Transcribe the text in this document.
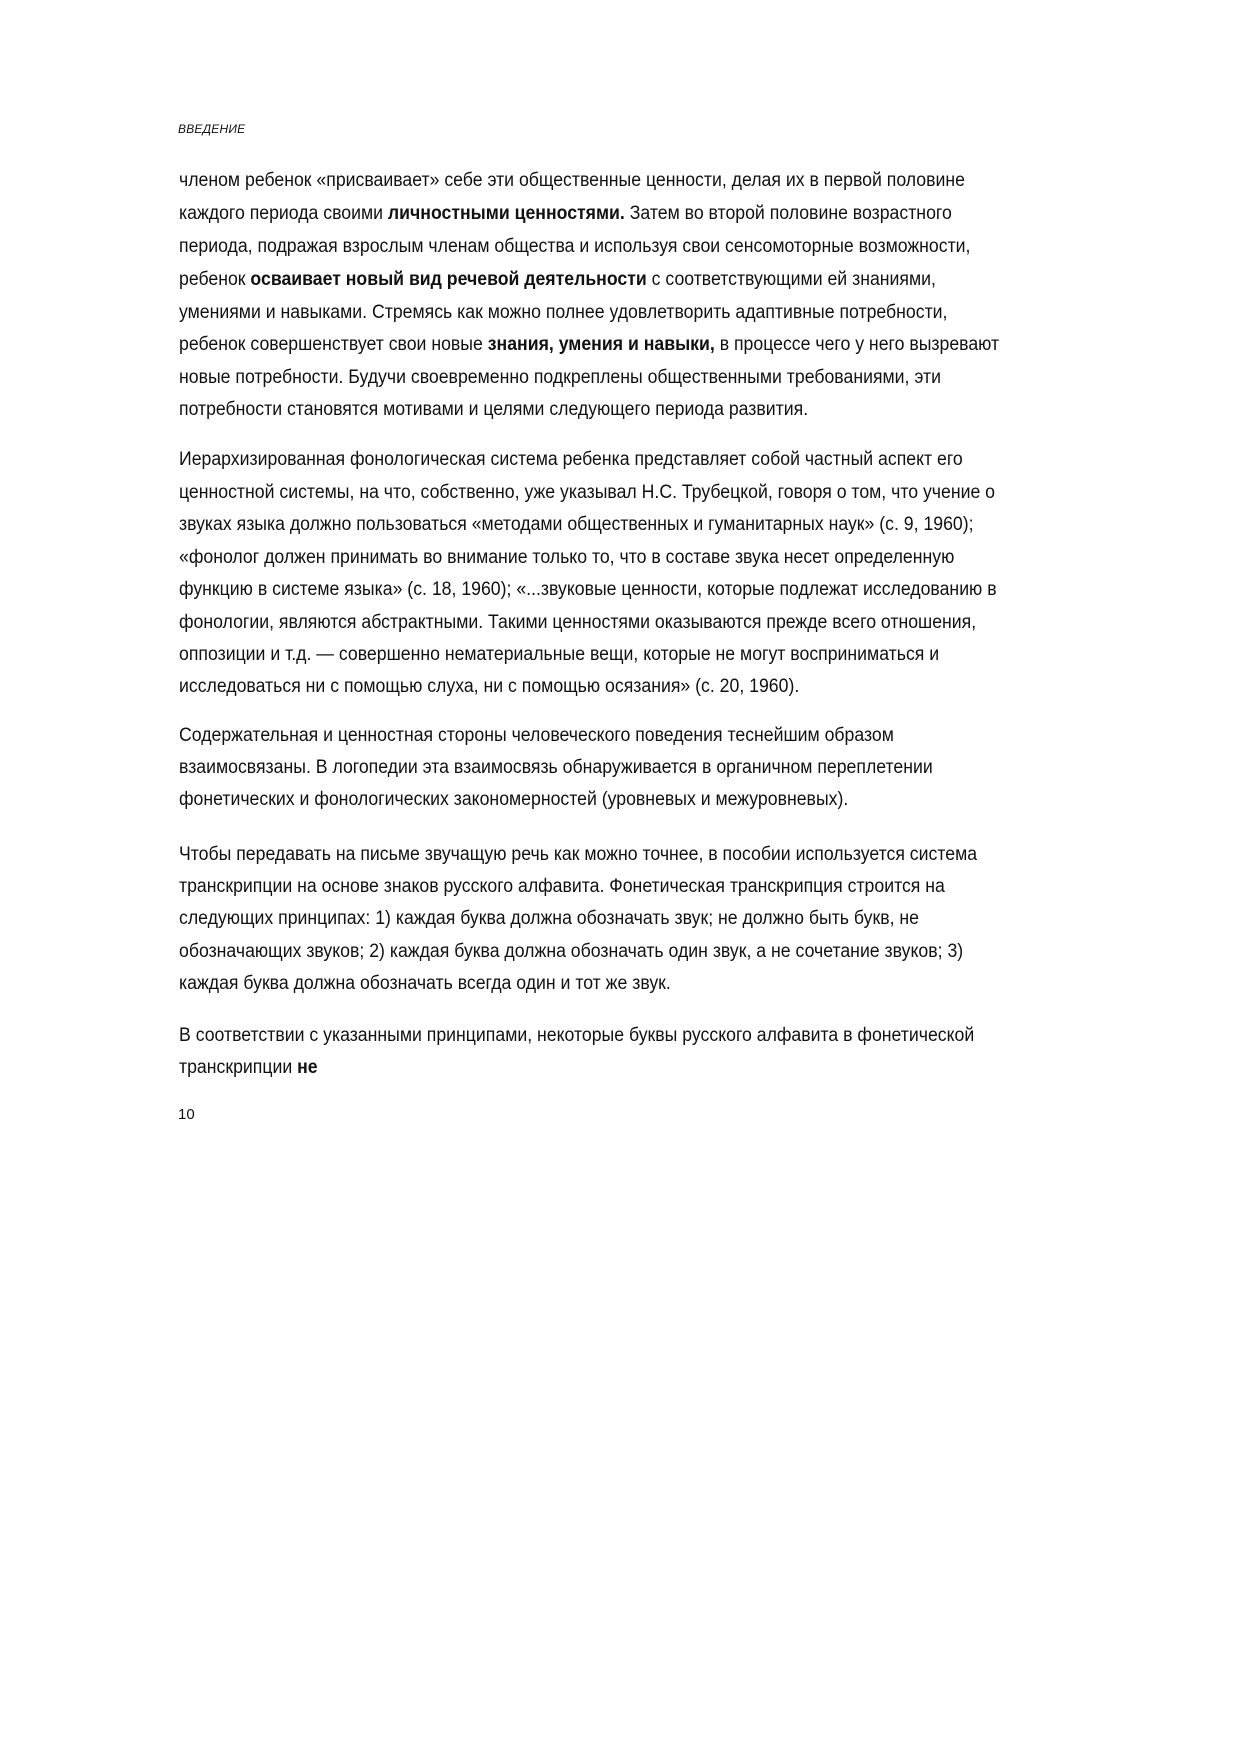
ВВЕДЕНИЕ
членом ребенок «присваивает» себе эти общественные ценности, делая их в первой половине
каждого периода своими личностными ценностями. Затем во второй половине возрастного
периода, подражая взрослым членам общества и используя свои сенсомоторные возможности,
ребенок осваивает новый вид речевой деятельности с соответствующими ей знаниями,
умениями и навыками. Стремясь как можно полнее удовлетворить адаптивные потребности,
ребенок совершенствует свои новые знания, умения и навыки, в процессе чего у него вызревают
новые потребности. Будучи своевременно подкреплены общественными требованиями, эти
потребности становятся мотивами и целями следующего периода развития.
Иерархизированная фонологическая система ребенка представляет собой частный аспект его
ценностной системы, на что, собственно, уже указывал Н.С. Трубецкой, говоря о том, что учение о
звуках языка должно пользоваться «методами общественных и гуманитарных наук» (с. 9, 1960);
«фонолог должен принимать во внимание только то, что в составе звука несет определенную
функцию в системе языка» (с. 18, 1960); «...звуковые ценности, которые подлежат исследованию в
фонологии, являются абстрактными. Такими ценностями оказываются прежде всего отношения,
оппозиции и т.д. — совершенно нематериальные вещи, которые не могут восприниматься и
исследоваться ни с помощью слуха, ни с помощью осязания» (с. 20, 1960).
Содержательная и ценностная стороны человеческого поведения теснейшим образом
взаимосвязаны. В логопедии эта взаимосвязь обнаруживается в органичном переплетении
фонетических и фонологических закономерностей (уровневых и межуровневых).
Чтобы передавать на письме звучащую речь как можно точнее, в пособии используется система
транскрипции на основе знаков русского алфавита. Фонетическая транскрипция строится на
следующих принципах: 1) каждая буква должна обозначать звук; не должно быть букв, не
обозначающих звуков; 2) каждая буква должна обозначать один звук, а не сочетание звуков; 3)
каждая буква должна обозначать всегда один и тот же звук.
В соответствии с указанными принципами, некоторые буквы русского алфавита в фонетической
транскрипции не
10
